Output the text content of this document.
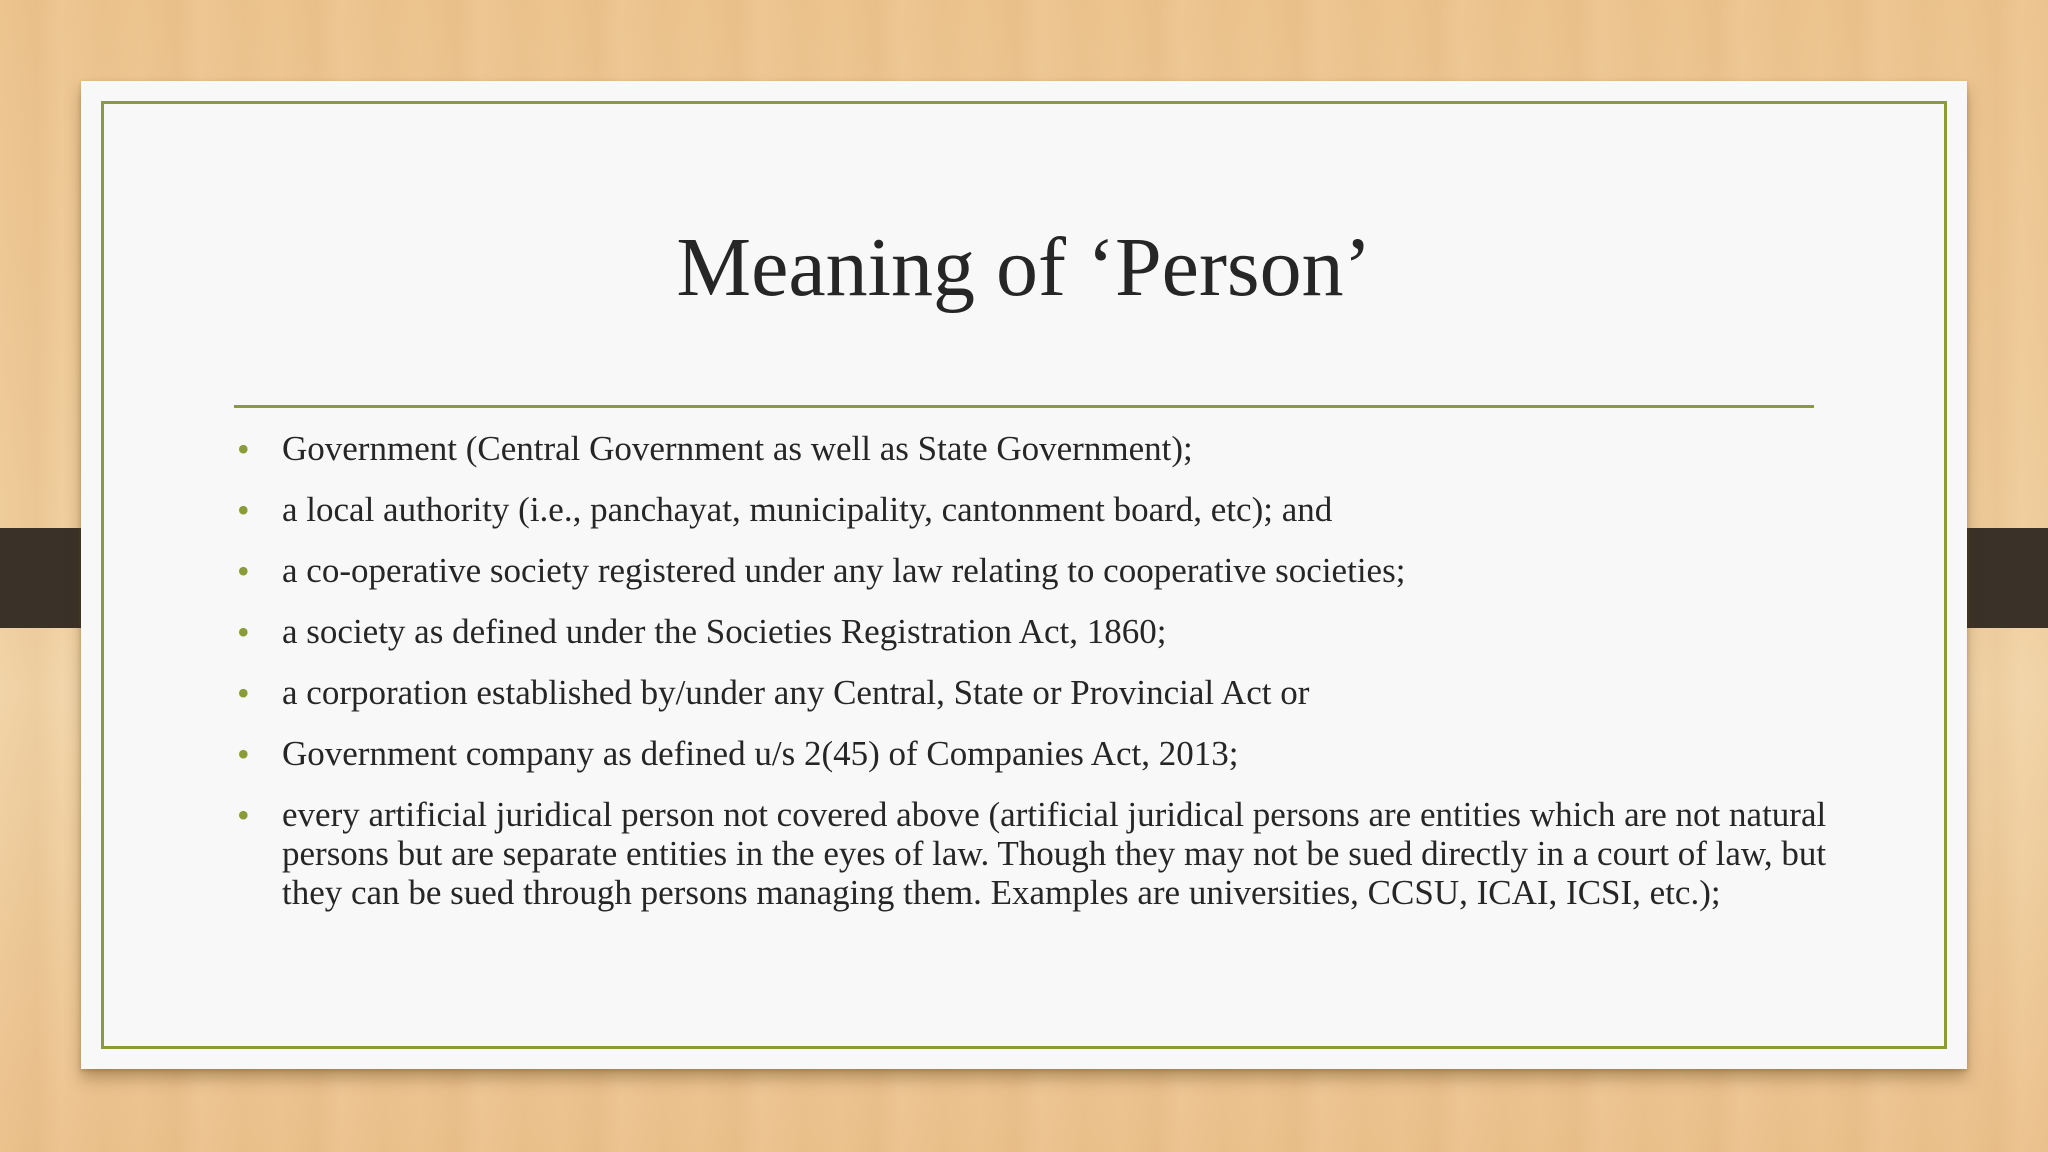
Meaning of ‘Person’
• Government (Central Government as well as State Government);
• a local authority (i.e., panchayat, municipality, cantonment board, etc); and
• a co-operative society registered under any law relating to cooperative societies;
• a society as defined under the Societies Registration Act, 1860;
• a corporation established by/under any Central, State or Provincial Act or
• Government company as defined u/s 2(45) of Companies Act, 2013;
• every artificial juridical person not covered above (artificial juridical persons are entities which are not natural persons but are separate entities in the eyes of law. Though they may not be sued directly in a court of law, but they can be sued through persons managing them. Examples are universities, CCSU, ICAI, ICSI, etc.);
